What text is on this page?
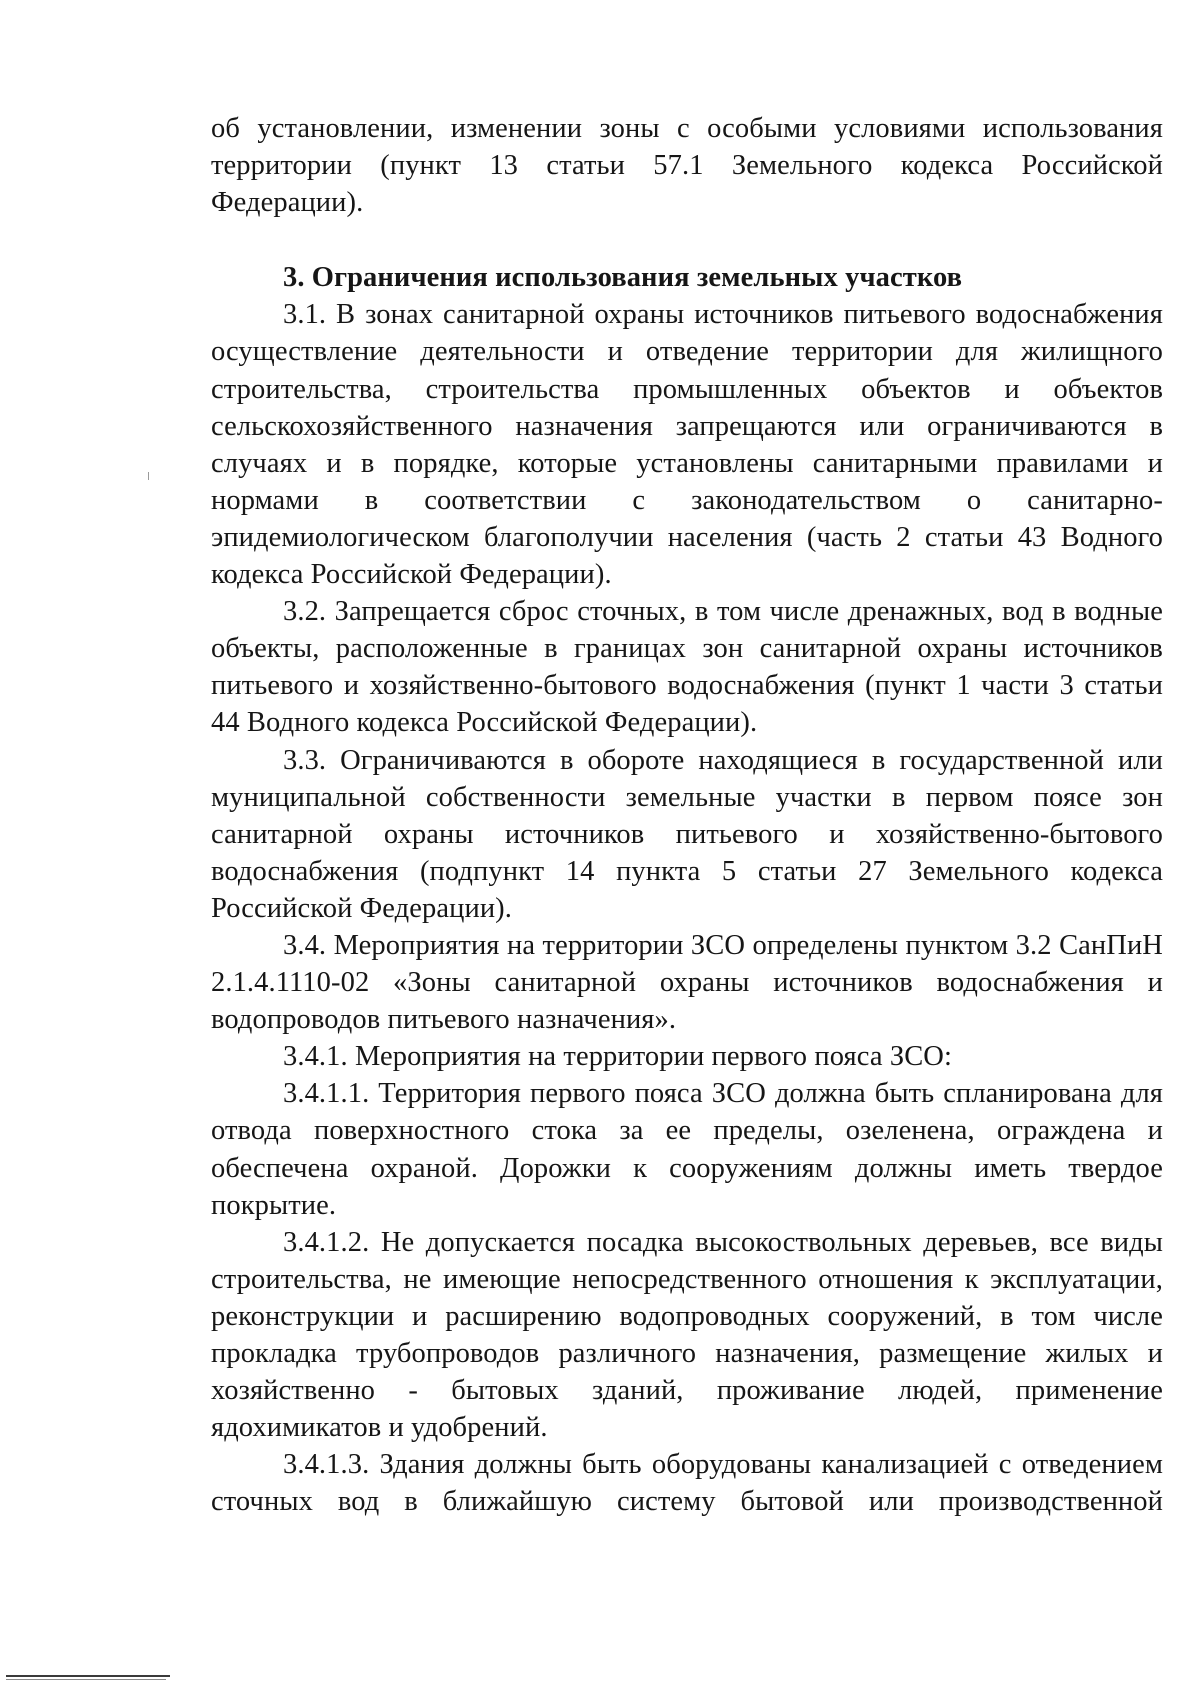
об установлении, изменении зоны с особыми условиями использования территории (пункт 13 статьи 57.1 Земельного кодекса Российской Федерации).

3. Ограничения использования земельных участков

3.1. В зонах санитарной охраны источников питьевого водоснабжения осуществление деятельности и отведение территории для жилищного строительства, строительства промышленных объектов и объектов сельскохозяйственного назначения запрещаются или ограничиваются в случаях и в порядке, которые установлены санитарными правилами и нормами в соответствии с законодательством о санитарно-эпидемиологическом благополучии населения (часть 2 статьи 43 Водного кодекса Российской Федерации).

3.2. Запрещается сброс сточных, в том числе дренажных, вод в водные объекты, расположенные в границах зон санитарной охраны источников питьевого и хозяйственно-бытового водоснабжения (пункт 1 части 3 статьи 44 Водного кодекса Российской Федерации).

3.3. Ограничиваются в обороте находящиеся в государственной или муниципальной собственности земельные участки в первом поясе зон санитарной охраны источников питьевого и хозяйственно-бытового водоснабжения (подпункт 14 пункта 5 статьи 27 Земельного кодекса Российской Федерации).

3.4. Мероприятия на территории ЗСО определены пунктом 3.2 СанПиН 2.1.4.1110-02 «Зоны санитарной охраны источников водоснабжения и водопроводов питьевого назначения».

3.4.1. Мероприятия на территории первого пояса ЗСО:

3.4.1.1. Территория первого пояса ЗСО должна быть спланирована для отвода поверхностного стока за ее пределы, озеленена, ограждена и обеспечена охраной. Дорожки к сооружениям должны иметь твердое покрытие.

3.4.1.2. Не допускается посадка высокоствольных деревьев, все виды строительства, не имеющие непосредственного отношения к эксплуатации, реконструкции и расширению водопроводных сооружений, в том числе прокладка трубопроводов различного назначения, размещение жилых и хозяйственно - бытовых зданий, проживание людей, применение ядохимикатов и удобрений.

3.4.1.3. Здания должны быть оборудованы канализацией с отведением сточных вод в ближайшую систему бытовой или производственной
